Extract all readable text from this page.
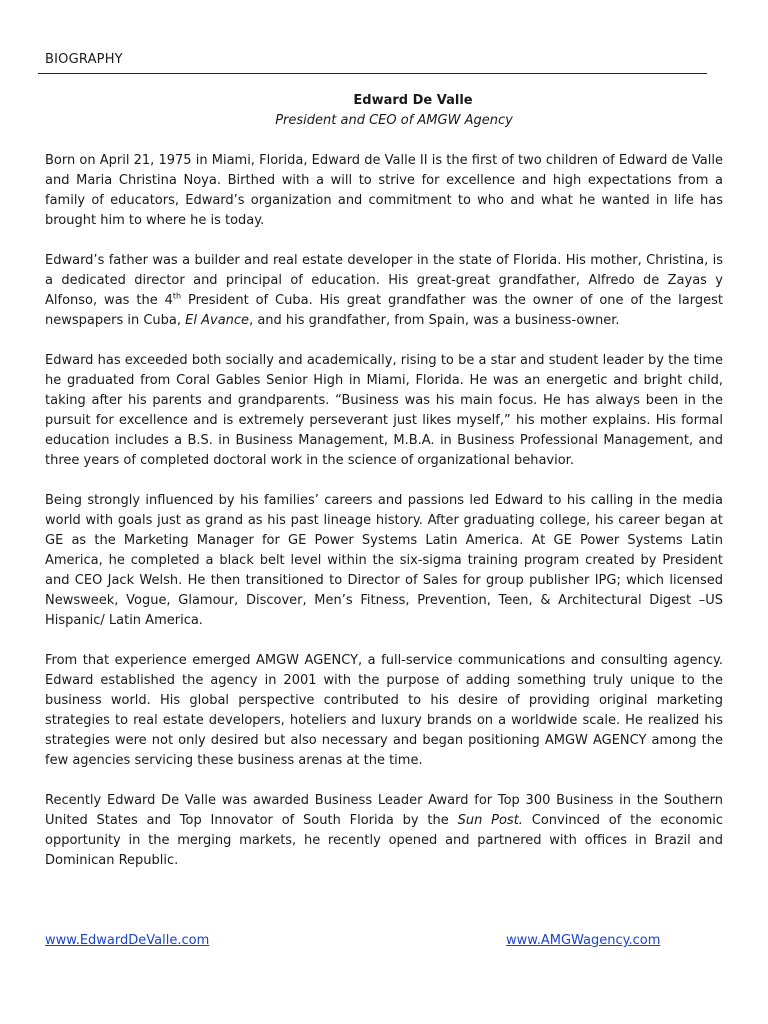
BIOGRAPHY
Edward De Valle
President and CEO of AMGW Agency

Born on April 21, 1975 in Miami, Florida, Edward de Valle II is the first of two children of Edward de Valle and Maria Christina Noya. Birthed with a will to strive for excellence and high expectations from a family of educators, Edward’s organization and commitment to who and what he wanted in life has brought him to where he is today.

Edward’s father was a builder and real estate developer in the state of Florida. His mother, Christina, is a dedicated director and principal of education. His great-great grandfather, Alfredo de Zayas y Alfonso, was the 4th President of Cuba. His great grandfather was the owner of one of the largest newspapers in Cuba, El Avance, and his grandfather, from Spain, was a business-owner.

Edward has exceeded both socially and academically, rising to be a star and student leader by the time he graduated from Coral Gables Senior High in Miami, Florida. He was an energetic and bright child, taking after his parents and grandparents. “Business was his main focus. He has always been in the pursuit for excellence and is extremely perseverant just likes myself,” his mother explains. His formal education includes a B.S. in Business Management, M.B.A. in Business Professional Management, and three years of completed doctoral work in the science of organizational behavior.

Being strongly influenced by his families’ careers and passions led Edward to his calling in the media world with goals just as grand as his past lineage history. After graduating college, his career began at GE as the Marketing Manager for GE Power Systems Latin America. At GE Power Systems Latin America, he completed a black belt level within the six-sigma training program created by President and CEO Jack Welsh. He then transitioned to Director of Sales for group publisher IPG; which licensed Newsweek, Vogue, Glamour, Discover, Men’s Fitness, Prevention, Teen, & Architectural Digest –US Hispanic/ Latin America.

From that experience emerged AMGW AGENCY, a full-service communications and consulting agency. Edward established the agency in 2001 with the purpose of adding something truly unique to the business world. His global perspective contributed to his desire of providing original marketing strategies to real estate developers, hoteliers and luxury brands on a worldwide scale. He realized his strategies were not only desired but also necessary and began positioning AMGW AGENCY among the few agencies servicing these business arenas at the time.

Recently Edward De Valle was awarded Business Leader Award for Top 300 Business in the Southern United States and Top Innovator of South Florida by the Sun Post. Convinced of the economic opportunity in the merging markets, he recently opened and partnered with offices in Brazil and Dominican Republic.

www.EdwardDeValle.com	www.AMGWagency.com
